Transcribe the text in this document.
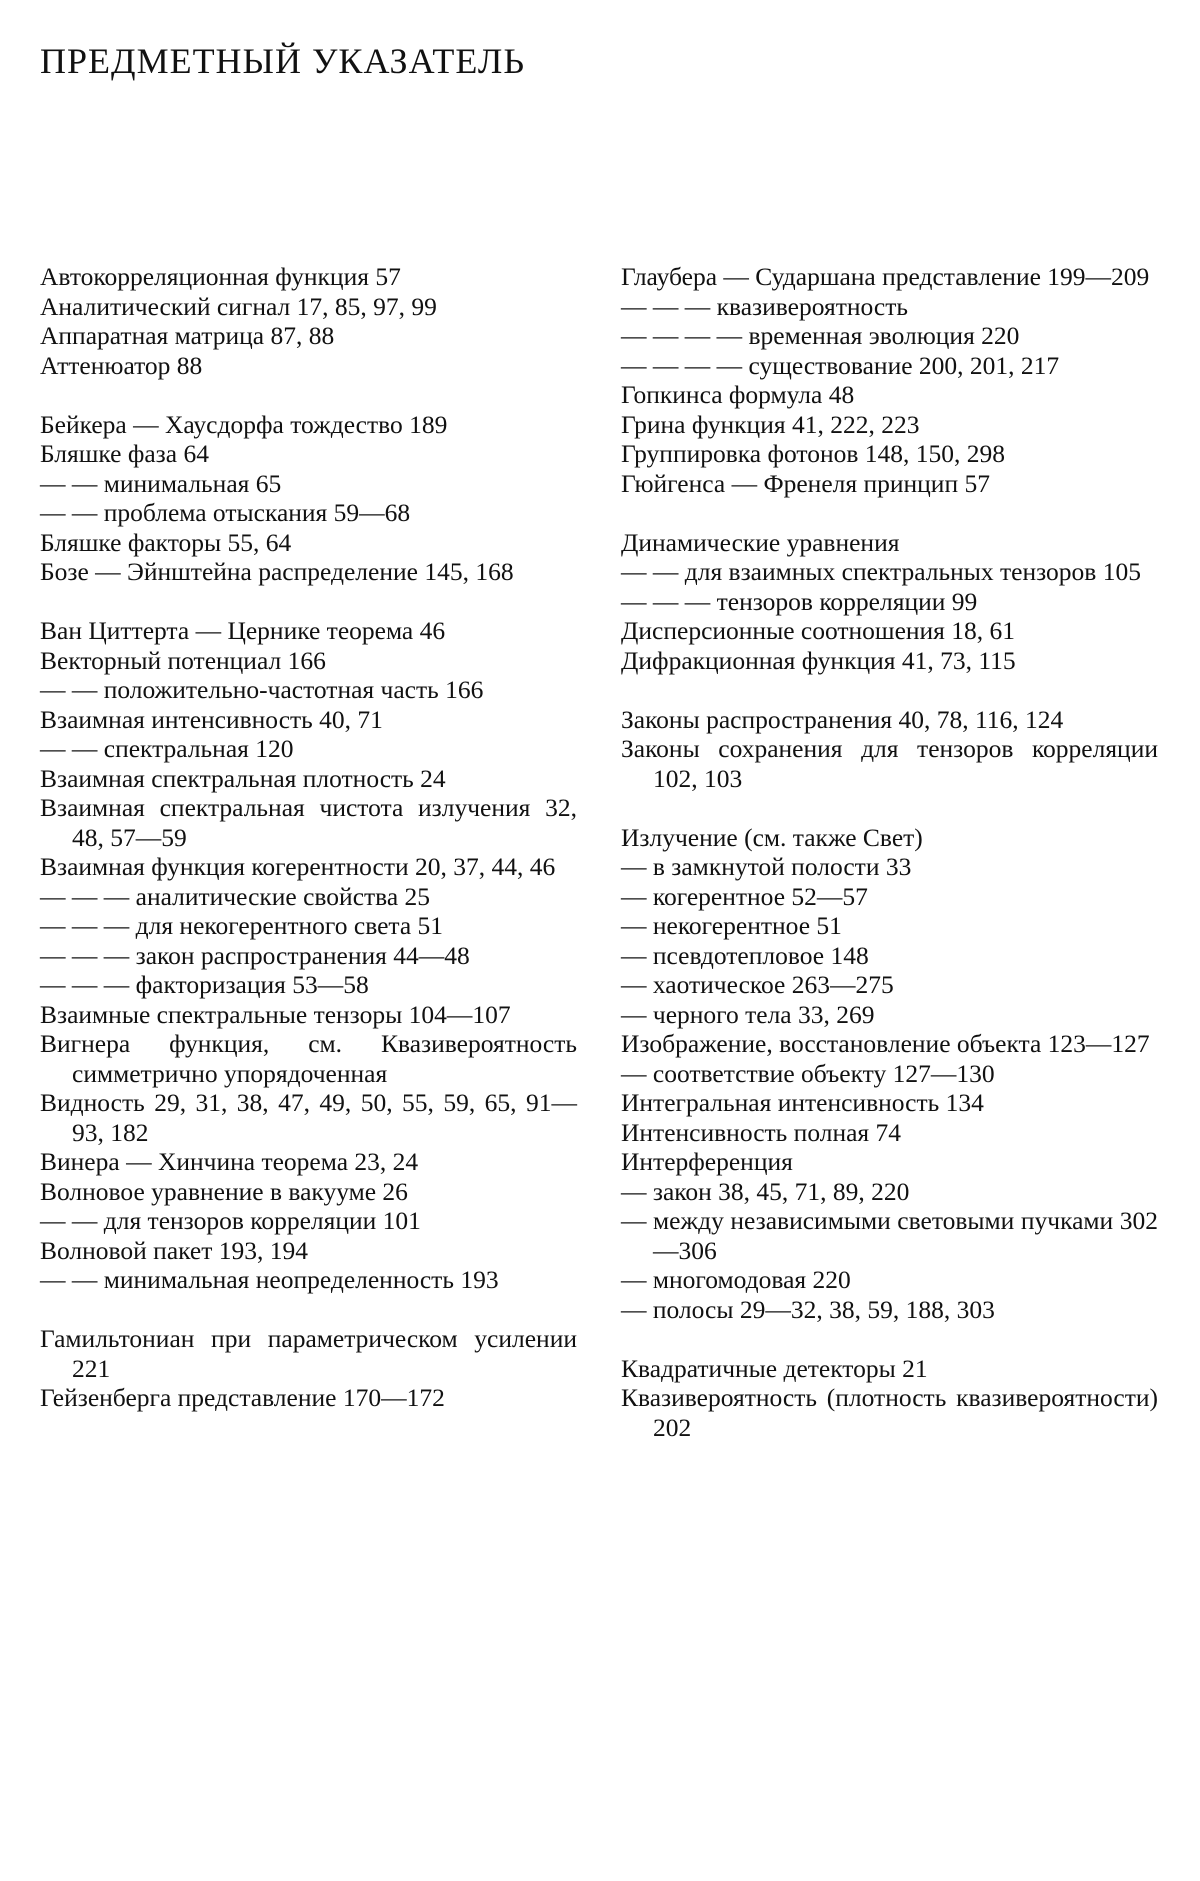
ПРЕДМЕТНЫЙ УКАЗАТЕЛЬ
Автокорреляционная функция 57
Аналитический сигнал 17, 85, 97, 99
Аппаратная матрица 87, 88
Аттенюатор 88
Бейкера — Хаусдорфа тождество 189
Бляшке фаза 64
— — минимальная 65
— — проблема отыскания 59—68
Бляшке факторы 55, 64
Бозе — Эйнштейна распределение 145, 168
Ван Циттерта — Цернике теорема 46
Векторный потенциал 166
— — положительно-частотная часть 166
Взаимная интенсивность 40, 71
— — спектральная 120
Взаимная спектральная плотность 24
Взаимная спектральная чистота излучения 32, 48, 57—59
Взаимная функция когерентности 20, 37, 44, 46
— — — аналитические свойства 25
— — — для некогерентного света 51
— — — закон распространения 44—48
— — — факторизация 53—58
Взаимные спектральные тензоры 104—107
Вигнера функция, см. Квазивероятность симметрично упорядоченная
Видность 29, 31, 38, 47, 49, 50, 55, 59, 65, 91—93, 182
Винера — Хинчина теорема 23, 24
Волновое уравнение в вакууме 26
— — для тензоров корреляции 101
Волновой пакет 193, 194
— — минимальная неопределенность 193
Гамильтониан при параметрическом усилении 221
Гейзенберга представление 170—172
Глаубера — Сударшана представление 199—209
— — — квазивероятность
— — — — временная эволюция 220
— — — — существование 200, 201, 217
Гопкинса формула 48
Грина функция 41, 222, 223
Группировка фотонов 148, 150, 298
Гюйгенса — Френеля принцип 57
Динамические уравнения
— — для взаимных спектральных тензоров 105
— — — тензоров корреляции 99
Дисперсионные соотношения 18, 61
Дифракционная функция 41, 73, 115
Законы распространения 40, 78, 116, 124
Законы сохранения для тензоров корреляции 102, 103
Излучение (см. также Свет)
— в замкнутой полости 33
— когерентное 52—57
— некогерентное 51
— псевдотепловое 148
— хаотическое 263—275
— черного тела 33, 269
Изображение, восстановление объекта 123—127
— соответствие объекту 127—130
Интегральная интенсивность 134
Интенсивность полная 74
Интерференция
— закон 38, 45, 71, 89, 220
— между независимыми световыми пучками 302—306
— многомодовая 220
— полосы 29—32, 38, 59, 188, 303
Квадратичные детекторы 21
Квазивероятность (плотность квазивероятности) 202
